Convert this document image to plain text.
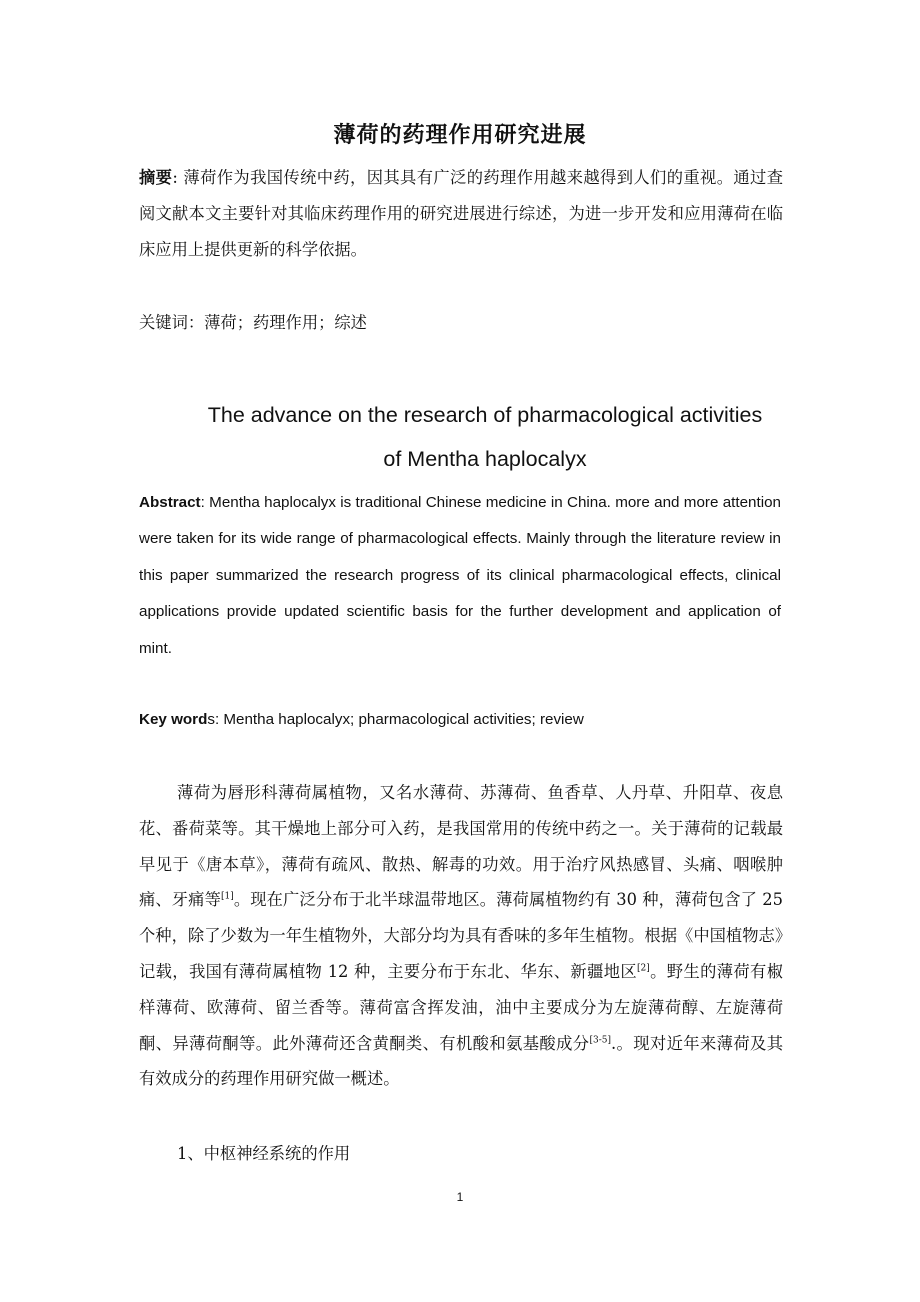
薄荷的药理作用研究进展
摘要: 薄荷作为我国传统中药，因其具有广泛的药理作用越来越得到人们的重视。通过查阅文献本文主要针对其临床药理作用的研究进展进行综述，为进一步开发和应用薄荷在临床应用上提供更新的科学依据。
关键词：薄荷；药理作用；综述
The advance on the research of pharmacological activities
of Mentha haplocalyx
Abstract: Mentha haplocalyx is traditional Chinese medicine in China. more and more attention were taken for its wide range of pharmacological effects. Mainly through the literature review in this paper summarized the research progress of its clinical pharmacological effects, clinical applications provide updated scientific basis for the further development and application of mint.
Key words: Mentha haplocalyx; pharmacological activities; review
薄荷为唇形科薄荷属植物，又名水薄荷、苏薄荷、鱼香草、人丹草、升阳草、夜息花、番荷菜等。其干燥地上部分可入药，是我国常用的传统中药之一。关于薄荷的记载最早见于《唐本草》，薄荷有疏风、散热、解毒的功效。用于治疗风热感冒、头痛、咽喉肿痛、牙痛等[1]。现在广泛分布于北半球温带地区。薄荷属植物约有 30 种，薄荷包含了 25 个种，除了少数为一年生植物外，大部分均为具有香味的多年生植物。根据《中国植物志》记载，我国有薄荷属植物 12 种，主要分布于东北、华东、新疆地区[2]。野生的薄荷有椒样薄荷、欧薄荷、留兰香等。薄荷富含挥发油，油中主要成分为左旋薄荷醇、左旋薄荷酮、异薄荷酮等。此外薄荷还含黄酮类、有机酸和氨基酸成分[3-5].。现对近年来薄荷及其有效成分的药理作用研究做一概述。
1、中枢神经系统的作用
1
